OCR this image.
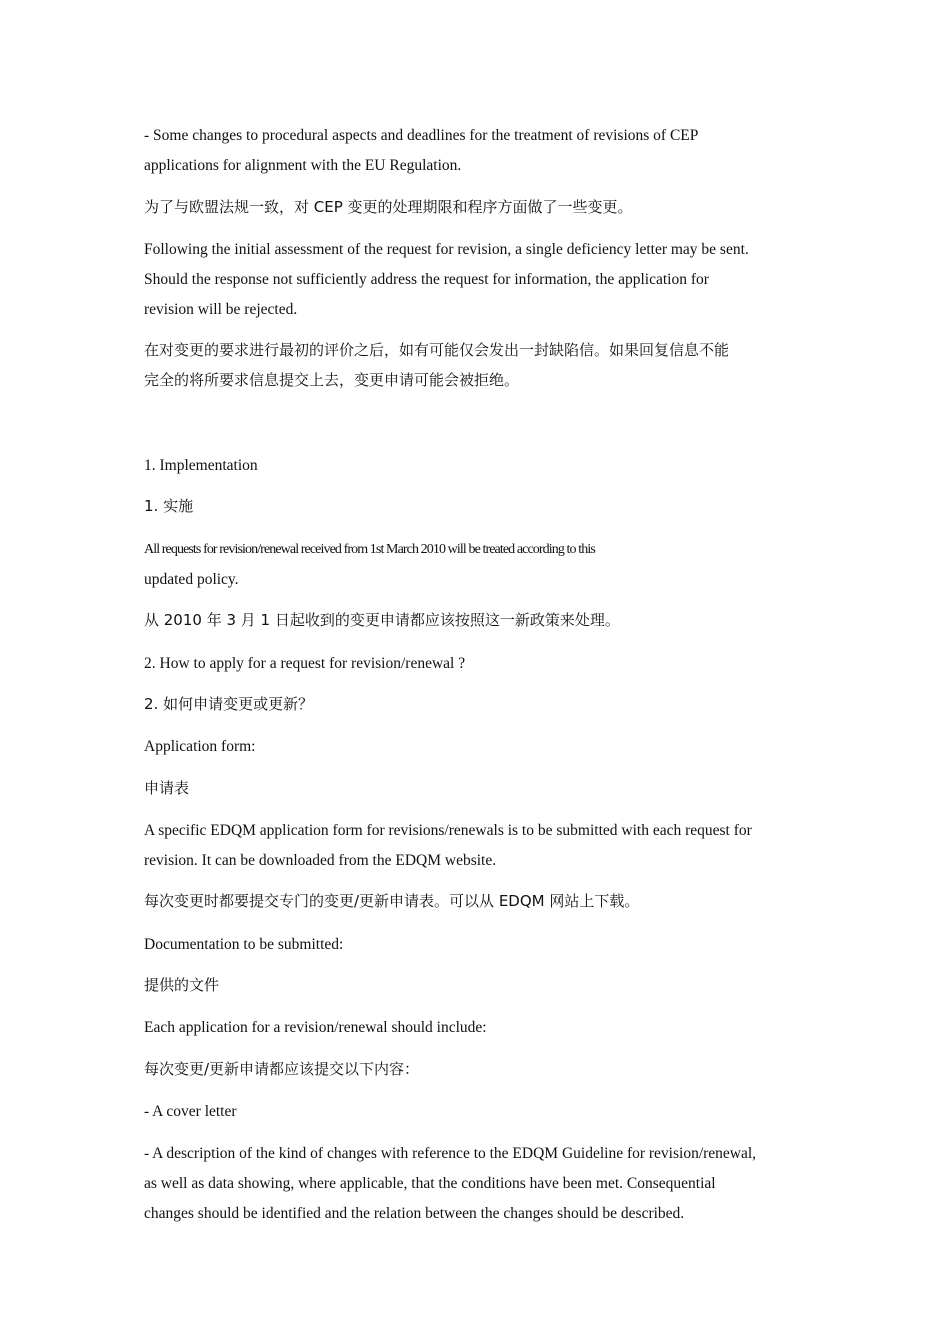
- Some changes to procedural aspects and deadlines for the treatment of revisions of CEP
applications for alignment with the EU Regulation.
为了与欧盟法规一致，对 CEP 变更的处理期限和程序方面做了一些变更。
Following the initial assessment of the request for revision, a single deficiency letter may be sent.
Should the response not sufficiently address the request for information, the application for
revision will be rejected.
在对变更的要求进行最初的评价之后，如有可能仅会发出一封缺陷信。如果回复信息不能
完全的将所要求信息提交上去，变更申请可能会被拒绝。
1. Implementation
1. 实施
All requests for revision/renewal received from 1st March 2010 will be treated according to this
updated policy.
从 2010 年 3 月 1 日起收到的变更申请都应该按照这一新政策来处理。
2. How to apply for a request for revision/renewal ?
2. 如何申请变更或更新？
Application form:
申请表
A specific EDQM application form for revisions/renewals is to be submitted with each request for
revision. It can be downloaded from the EDQM website.
每次变更时都要提交专门的变更/更新申请表。可以从 EDQM 网站上下载。
Documentation to be submitted:
提供的文件
Each application for a revision/renewal should include:
每次变更/更新申请都应该提交以下内容：
- A cover letter
- A description of the kind of changes with reference to the EDQM Guideline for revision/renewal,
as well as data showing, where applicable, that the conditions have been met. Consequential
changes should be identified and the relation between the changes should be described.
